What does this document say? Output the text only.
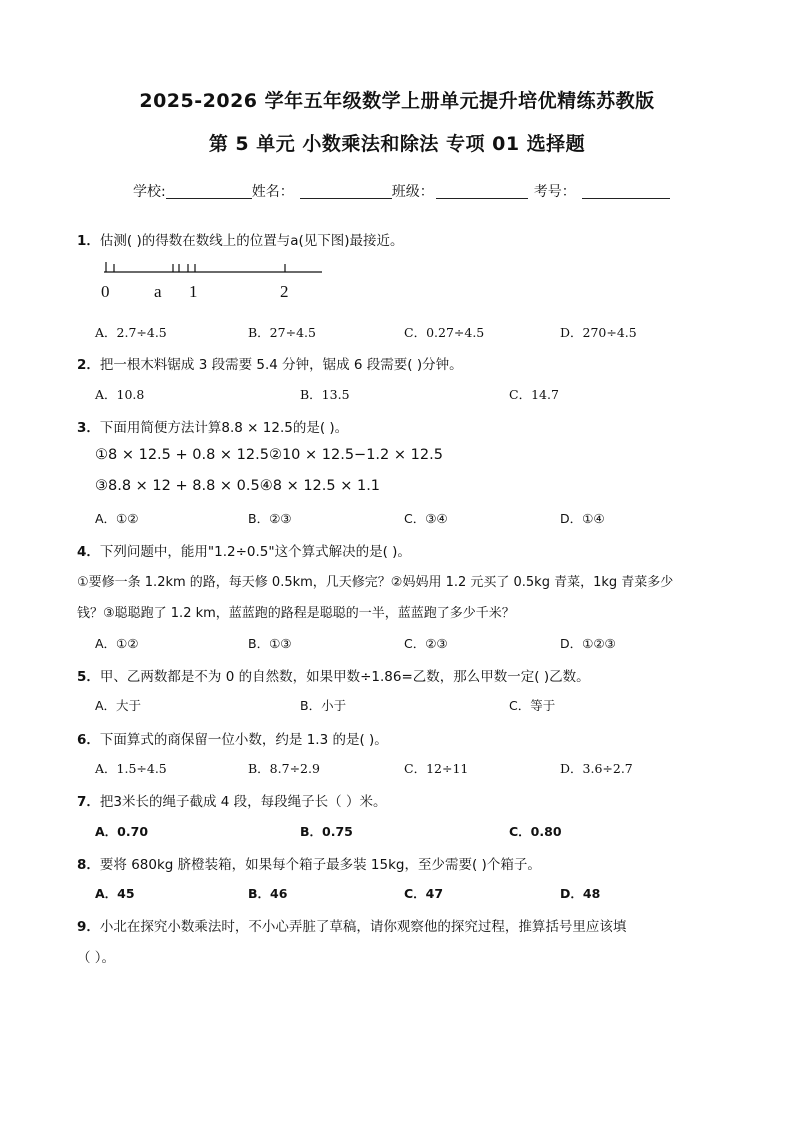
2025-2026 学年五年级数学上册单元提升培优精练苏教版
第 5 单元 小数乘法和除法 专项 01 选择题
学校:	姓名：	班级：	考号：
1．估测( )的得数在数线上的位置与a(见下图)最接近。
0	a 1	2
A．2.7÷4.5	B．27÷4.5	C．0.27÷4.5	D．270÷4.5
2．把一根木料锯成 3 段需要 5.4 分钟，锯成 6 段需要( )分钟。
A．10.8	B．13.5	C．14.7
3．下面用简便方法计算8.8 × 12.5的是( )。
①8 × 12.5 + 0.8 × 12.5②10 × 12.5−1.2 × 12.5
③8.8 × 12 + 8.8 × 0.5④8 × 12.5 × 1.1
A．①②	B．②③	C．③④	D．①④
4．下列问题中，能用"1.2÷0.5"这个算式解决的是( )。
①要修一条 1.2km 的路，每天修 0.5km，几天修完？②妈妈用 1.2 元买了 0.5kg 青菜，1kg 青菜多少
钱？③聪聪跑了 1.2 km，蓝蓝跑的路程是聪聪的一半，蓝蓝跑了多少千米？
A．①②	B．①③	C．②③	D．①②③
5．甲、乙两数都是不为 0 的自然数，如果甲数÷1.86=乙数，那么甲数一定( )乙数。
A．大于	B．小于	C．等于
6．下面算式的商保留一位小数，约是 1.3 的是( )。
A．1.5÷4.5	B．8.7÷2.9	C．12÷11	D．3.6÷2.7
7．把3米长的绳子截成 4 段，每段绳子长（ ）米。
A．0.70	B．0.75	C．0.80
8．要将 680kg 脐橙装箱，如果每个箱子最多装 15kg，至少需要( )个箱子。
A．45	B．46	C．47	D．48
9．小北在探究小数乘法时，不小心弄脏了草稿，请你观察他的探究过程，推算括号里应该填
（ ）。
